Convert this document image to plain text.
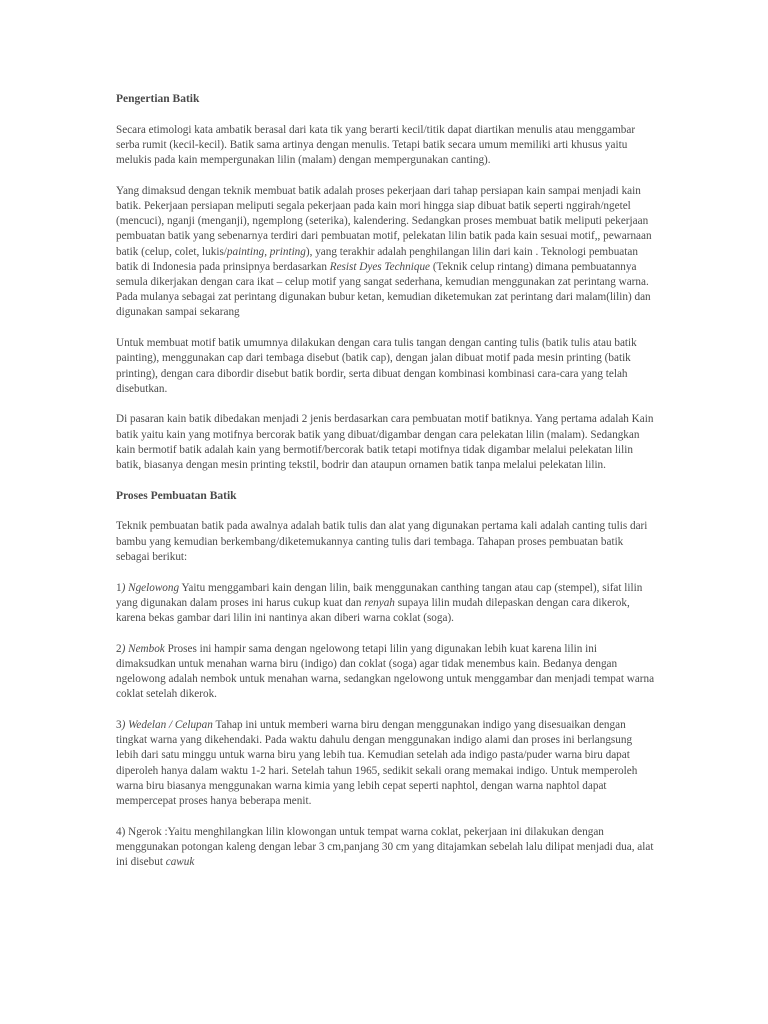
Pengertian Batik

Secara etimologi kata ambatik berasal dari kata tik yang berarti kecil/titik dapat diartikan menulis atau menggambar serba rumit (kecil-kecil). Batik sama artinya dengan menulis. Tetapi batik secara umum memiliki arti khusus yaitu melukis pada kain mempergunakan lilin (malam) dengan mempergunakan canting).

Yang dimaksud dengan teknik membuat batik adalah proses pekerjaan dari tahap persiapan kain sampai menjadi kain batik. Pekerjaan persiapan meliputi segala pekerjaan pada kain mori hingga siap dibuat batik seperti nggirah/ngetel (mencuci), nganji (menganji), ngemplong (seterika), kalendering. Sedangkan proses membuat batik meliputi pekerjaan pembuatan batik yang sebenarnya terdiri dari pembuatan motif, pelekatan lilin batik pada kain sesuai motif,, pewarnaan batik (celup, colet, lukis/painting, printing), yang terakhir adalah penghilangan lilin dari kain . Teknologi pembuatan batik di Indonesia pada prinsipnya berdasarkan Resist Dyes Technique (Teknik celup rintang) dimana pembuatannya semula dikerjakan dengan cara ikat – celup motif yang sangat sederhana, kemudian menggunakan zat perintang warna. Pada mulanya sebagai zat perintang digunakan bubur ketan, kemudian diketemukan zat perintang dari malam(lilin) dan digunakan sampai sekarang

Untuk membuat motif batik umumnya dilakukan dengan cara tulis tangan dengan canting tulis (batik tulis atau batik painting), menggunakan cap dari tembaga disebut (batik cap), dengan jalan dibuat motif pada mesin printing (batik printing), dengan cara dibordir disebut batik bordir, serta dibuat dengan kombinasi kombinasi cara-cara yang telah disebutkan.

Di pasaran kain batik dibedakan menjadi 2 jenis berdasarkan cara pembuatan motif batiknya. Yang pertama adalah Kain batik yaitu kain yang motifnya bercorak batik yang dibuat/digambar dengan cara pelekatan lilin (malam). Sedangkan kain bermotif batik adalah kain yang bermotif/bercorak batik tetapi motifnya tidak digambar melalui pelekatan lilin batik, biasanya dengan mesin printing tekstil, bodrir dan ataupun ornamen batik tanpa melalui pelekatan lilin.

Proses Pembuatan Batik

Teknik pembuatan batik pada awalnya adalah batik tulis dan alat yang digunakan pertama kali adalah canting tulis dari bambu yang kemudian berkembang/diketemukannya canting tulis dari tembaga. Tahapan proses pembuatan batik sebagai berikut:

1) Ngelowong Yaitu menggambari kain dengan lilin, baik menggunakan canthing tangan atau cap (stempel), sifat lilin yang digunakan dalam proses ini harus cukup kuat dan renyah supaya lilin mudah dilepaskan dengan cara dikerok, karena bekas gambar dari lilin ini nantinya akan diberi warna coklat (soga).

2) Nembok Proses ini hampir sama dengan ngelowong tetapi lilin yang digunakan lebih kuat karena lilin ini dimaksudkan untuk menahan warna biru (indigo) dan coklat (soga) agar tidak menembus kain. Bedanya dengan ngelowong adalah nembok untuk menahan warna, sedangkan ngelowong untuk menggambar dan menjadi tempat warna coklat setelah dikerok.

3) Wedelan / Celupan Tahap ini untuk memberi warna biru dengan menggunakan indigo yang disesuaikan dengan tingkat warna yang dikehendaki. Pada waktu dahulu dengan menggunakan indigo alami dan proses ini berlangsung lebih dari satu minggu untuk warna biru yang lebih tua. Kemudian setelah ada indigo pasta/puder warna biru dapat diperoleh hanya dalam waktu 1-2 hari. Setelah tahun 1965, sedikit sekali orang memakai indigo. Untuk memperoleh warna biru biasanya menggunakan warna kimia yang lebih cepat seperti naphtol, dengan warna naphtol dapat mempercepat proses hanya beberapa menit.

4) Ngerok :Yaitu menghilangkan lilin klowongan untuk tempat warna coklat, pekerjaan ini dilakukan dengan menggunakan potongan kaleng dengan lebar 3 cm,panjang 30 cm yang ditajamkan sebelah lalu dilipat menjadi dua, alat ini disebut cawuk
